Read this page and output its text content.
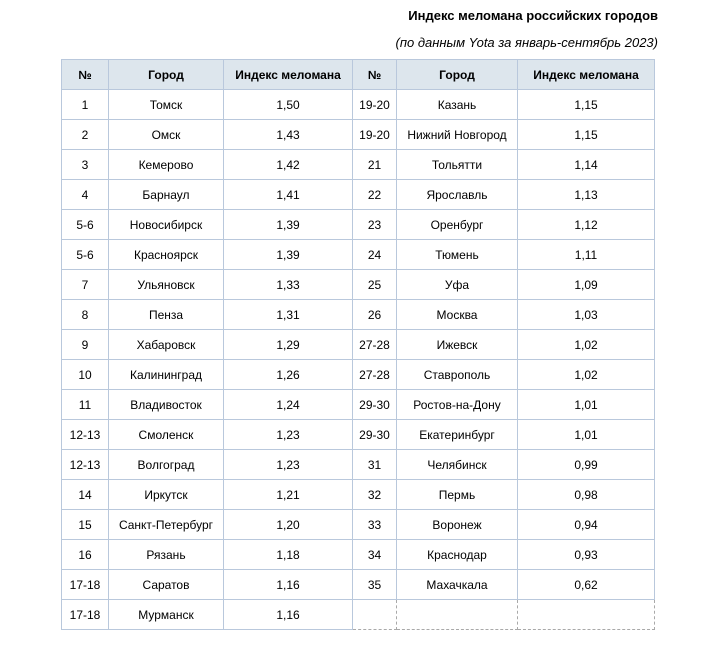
Индекс меломана российских городов
(по данным Yota за январь-сентябрь 2023)
№	Город	Индекс меломана	№	Город	Индекс меломана
1	Томск	1,50	19-20	Казань	1,15
2	Омск	1,43	19-20	Нижний Новгород	1,15
3	Кемерово	1,42	21	Тольятти	1,14
4	Барнаул	1,41	22	Ярославль	1,13
5-6	Новосибирск	1,39	23	Оренбург	1,12
5-6	Красноярск	1,39	24	Тюмень	1,11
7	Ульяновск	1,33	25	Уфа	1,09
8	Пенза	1,31	26	Москва	1,03
9	Хабаровск	1,29	27-28	Ижевск	1,02
10	Калининград	1,26	27-28	Ставрополь	1,02
11	Владивосток	1,24	29-30	Ростов-на-Дону	1,01
12-13	Смоленск	1,23	29-30	Екатеринбург	1,01
12-13	Волгоград	1,23	31	Челябинск	0,99
14	Иркутск	1,21	32	Пермь	0,98
15	Санкт-Петербург	1,20	33	Воронеж	0,94
16	Рязань	1,18	34	Краснодар	0,93
17-18	Саратов	1,16	35	Махачкала	0,62
17-18	Мурманск	1,16			
